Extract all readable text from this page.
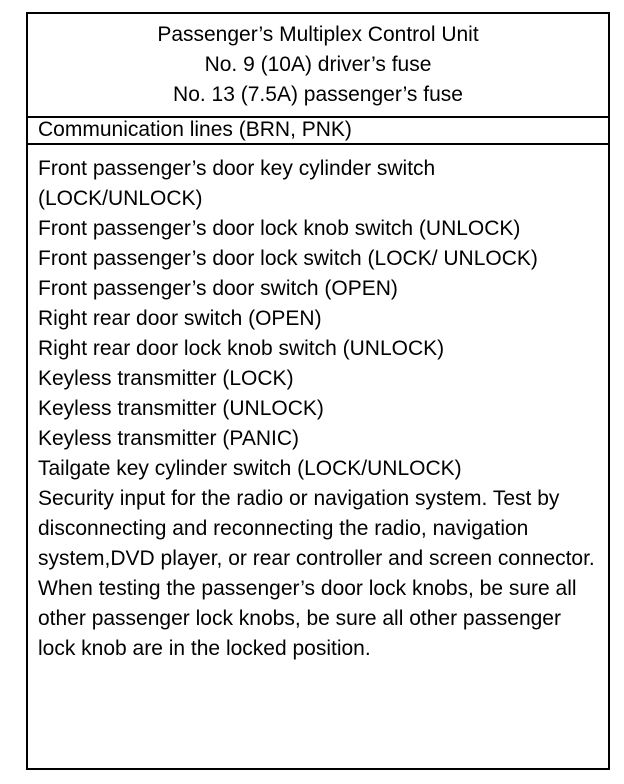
Passenger’s Multiplex Control Unit
No. 9 (10A) driver’s fuse
No. 13 (7.5A) passenger’s fuse
Communication lines (BRN, PNK)
Front passenger’s door key cylinder switch (LOCK/UNLOCK)
Front passenger’s door lock knob switch (UNLOCK)
Front passenger’s door lock switch (LOCK/ UNLOCK)
Front passenger’s door switch (OPEN)
Right rear door switch (OPEN)
Right rear door lock knob switch (UNLOCK)
Keyless transmitter (LOCK)
Keyless transmitter (UNLOCK)
Keyless transmitter (PANIC)
Tailgate key cylinder switch (LOCK/UNLOCK)
Security input for the radio or navigation system. Test by disconnecting and reconnecting the radio, navigation system,DVD player, or rear controller and screen connector. When testing the passenger’s door lock knobs, be sure all other passenger lock knobs, be sure all other passenger lock knob are in the locked position.
